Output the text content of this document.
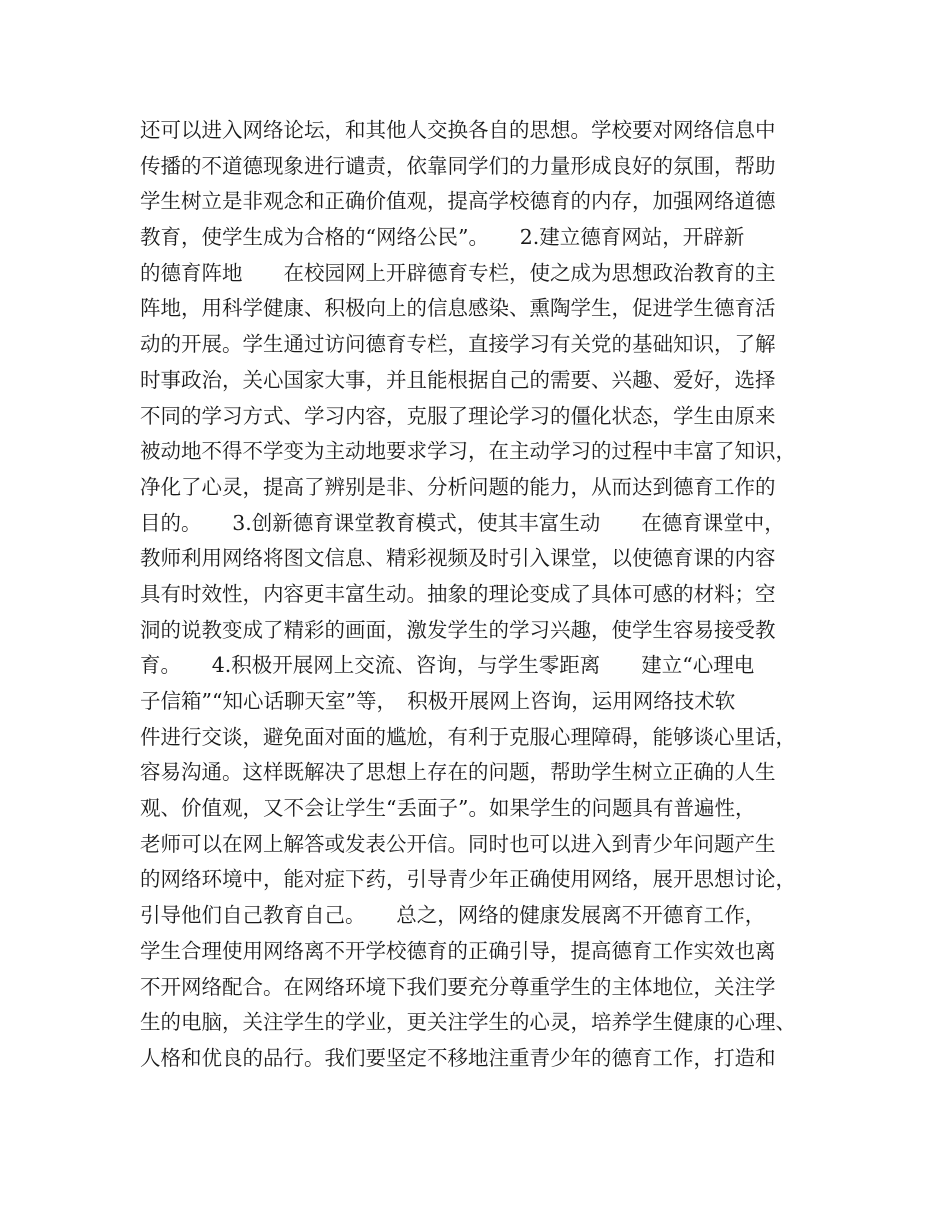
还可以进入网络论坛，和其他人交换各自的思想。学校要对网络信息中
传播的不道德现象进行谴责，依靠同学们的力量形成良好的氛围，帮助
学生树立是非观念和正确价值观，提高学校德育的内存，加强网络道德
教育，使学生成为合格的“网络公民”。　　2.建立德育网站，开辟新
的德育阵地　　在校园网上开辟德育专栏，使之成为思想政治教育的主
阵地，用科学健康、积极向上的信息感染、熏陶学生，促进学生德育活
动的开展。学生通过访问德育专栏，直接学习有关党的基础知识，了解
时事政治，关心国家大事，并且能根据自己的需要、兴趣、爱好，选择
不同的学习方式、学习内容，克服了理论学习的僵化状态，学生由原来
被动地不得不学变为主动地要求学习，在主动学习的过程中丰富了知识，
净化了心灵，提高了辨别是非、分析问题的能力，从而达到德育工作的
目的。　　3.创新德育课堂教育模式，使其丰富生动　　在德育课堂中，
教师利用网络将图文信息、精彩视频及时引入课堂，以使德育课的内容
具有时效性，内容更丰富生动。抽象的理论变成了具体可感的材料；空
洞的说教变成了精彩的画面，激发学生的学习兴趣，使学生容易接受教
育。　　4.积极开展网上交流、咨询，与学生零距离　　建立“心理电
子信箱”“知心话聊天室”等，　积极开展网上咨询，运用网络技术软
件进行交谈，避免面对面的尴尬，有利于克服心理障碍，能够谈心里话，
容易沟通。这样既解决了思想上存在的问题，帮助学生树立正确的人生
观、价值观，又不会让学生“丢面子”。如果学生的问题具有普遍性，
老师可以在网上解答或发表公开信。同时也可以进入到青少年问题产生
的网络环境中，能对症下药，引导青少年正确使用网络，展开思想讨论，
引导他们自己教育自己。　　总之，网络的健康发展离不开德育工作，
学生合理使用网络离不开学校德育的正确引导，提高德育工作实效也离
不开网络配合。在网络环境下我们要充分尊重学生的主体地位，关注学
生的电脑，关注学生的学业，更关注学生的心灵，培养学生健康的心理、
人格和优良的品行。我们要坚定不移地注重青少年的德育工作，打造和
